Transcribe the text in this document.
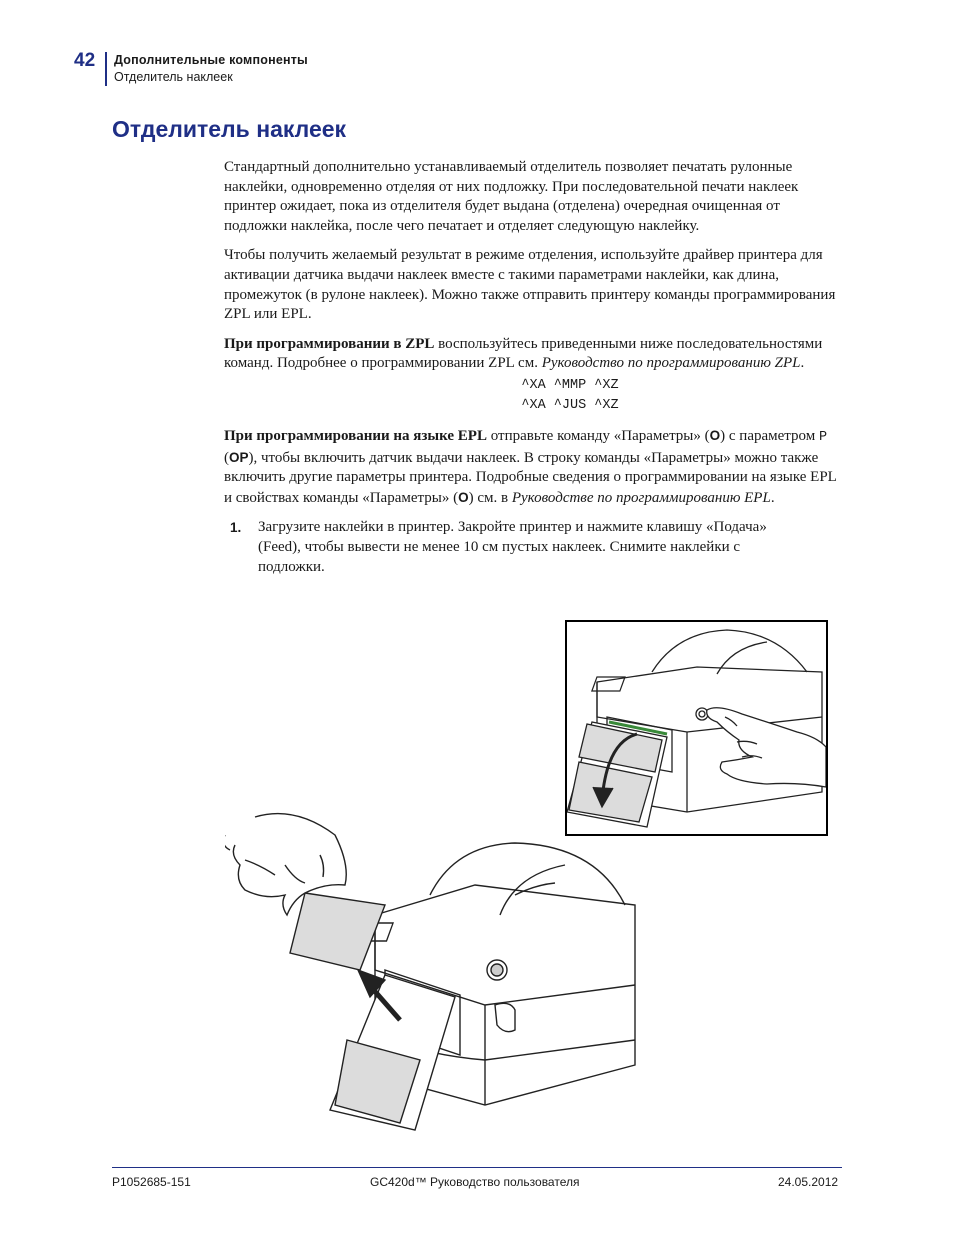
42 Дополнительные компоненты
Отделитель наклеек
Отделитель наклеек

Стандартный дополнительно устанавливаемый отделитель позволяет печатать рулонные наклейки, одновременно отделяя от них подложку. При последовательной печати наклеек принтер ожидает, пока из отделителя будет выдана (отделена) очередная очищенная от подложки наклейка, после чего печатает и отделяет следующую наклейку.

Чтобы получить желаемый результат в режиме отделения, используйте драйвер принтера для активации датчика выдачи наклеек вместе с такими параметрами наклейки, как длина, промежуток (в рулоне наклеек). Можно также отправить принтеру команды программирования ZPL или EPL.

При программировании в ZPL воспользуйтесь приведенными ниже последовательностями команд. Подробнее о программировании ZPL см. Руководство по программированию ZPL.

^XA ^MMP ^XZ
^XA ^JUS ^XZ

При программировании на языке EPL отправьте команду «Параметры» (O) с параметром P (OP), чтобы включить датчик выдачи наклеек. В строку команды «Параметры» можно также включить другие параметры принтера. Подробные сведения о программировании на языке EPL и свойствах команды «Параметры» (O) см. в Руководстве по программированию EPL.

1.	Загрузите наклейки в принтер. Закройте принтер и нажмите клавишу «Подача» (Feed), чтобы вывести не менее 10 см пустых наклеек. Снимите наклейки с подложки.
P1052685-151	GC420d™ Руководство пользователя	24.05.2012
